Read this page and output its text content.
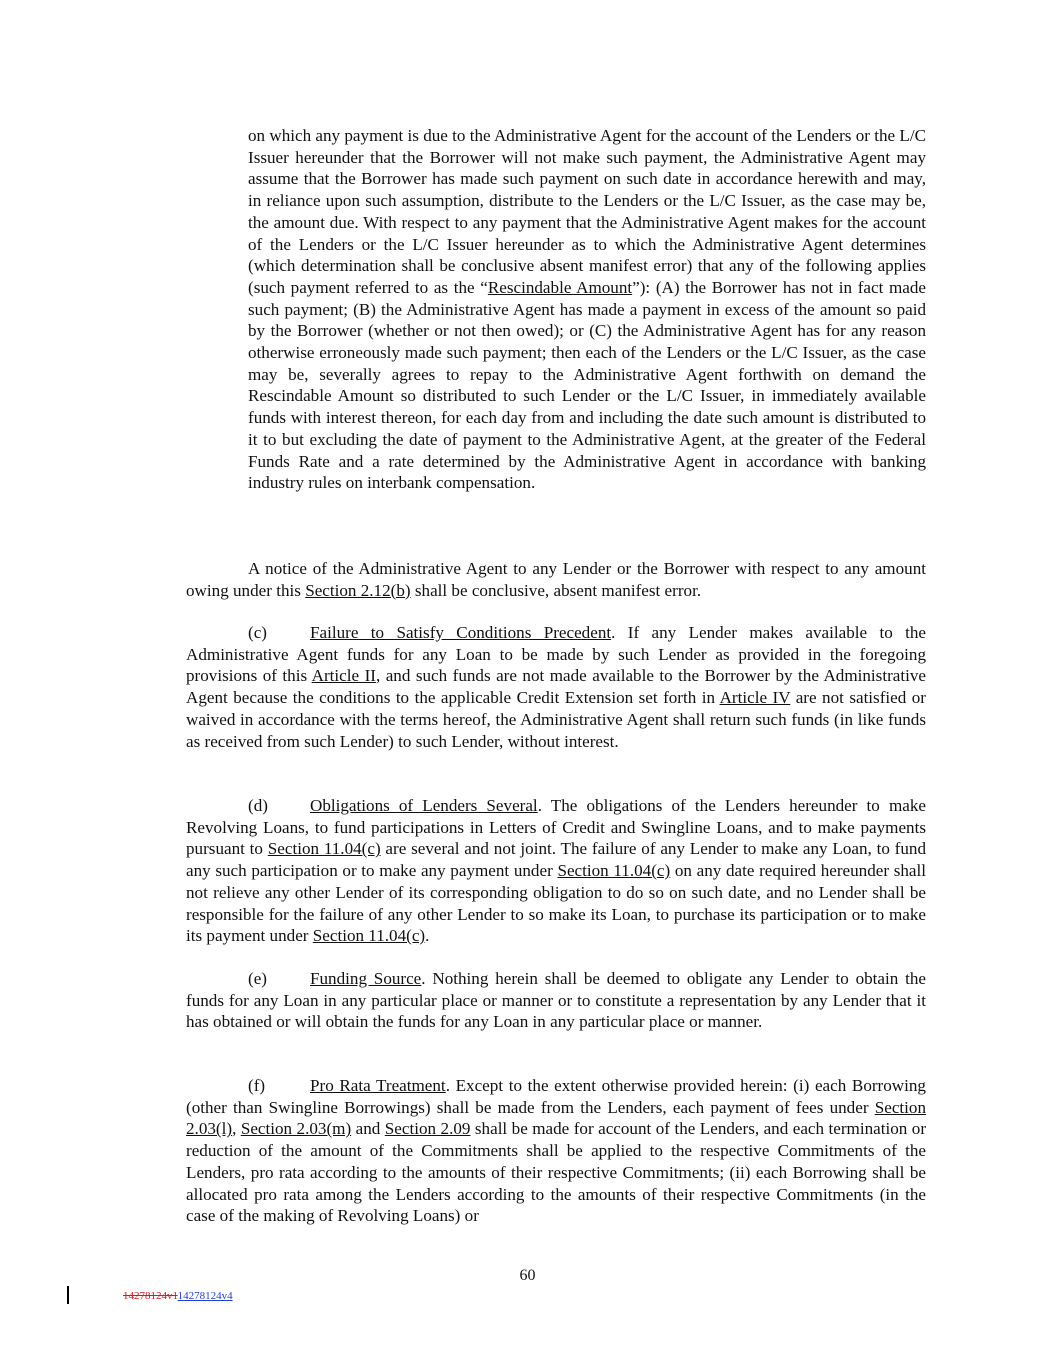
on which any payment is due to the Administrative Agent for the account of the Lenders or the L/C Issuer hereunder that the Borrower will not make such payment, the Administrative Agent may assume that the Borrower has made such payment on such date in accordance herewith and may, in reliance upon such assumption, distribute to the Lenders or the L/C Issuer, as the case may be, the amount due. With respect to any payment that the Administrative Agent makes for the account of the Lenders or the L/C Issuer hereunder as to which the Administrative Agent determines (which determination shall be conclusive absent manifest error) that any of the following applies (such payment referred to as the “Rescindable Amount”): (A) the Borrower has not in fact made such payment; (B) the Administrative Agent has made a payment in excess of the amount so paid by the Borrower (whether or not then owed); or (C) the Administrative Agent has for any reason otherwise erroneously made such payment; then each of the Lenders or the L/C Issuer, as the case may be, severally agrees to repay to the Administrative Agent forthwith on demand the Rescindable Amount so distributed to such Lender or the L/C Issuer, in immediately available funds with interest thereon, for each day from and including the date such amount is distributed to it to but excluding the date of payment to the Administrative Agent, at the greater of the Federal Funds Rate and a rate determined by the Administrative Agent in accordance with banking industry rules on interbank compensation.

A notice of the Administrative Agent to any Lender or the Borrower with respect to any amount owing under this Section 2.12(b) shall be conclusive, absent manifest error.

(c)	Failure to Satisfy Conditions Precedent. If any Lender makes available to the Administrative Agent funds for any Loan to be made by such Lender as provided in the foregoing provisions of this Article II, and such funds are not made available to the Borrower by the Administrative Agent because the conditions to the applicable Credit Extension set forth in Article IV are not satisfied or waived in accordance with the terms hereof, the Administrative Agent shall return such funds (in like funds as received from such Lender) to such Lender, without interest.

(d) Obligations of Lenders Several. The obligations of the Lenders hereunder to make Revolving Loans, to fund participations in Letters of Credit and Swingline Loans, and to make payments pursuant to Section 11.04(c) are several and not joint. The failure of any Lender to make any Loan, to fund any such participation or to make any payment under Section 11.04(c) on any date required hereunder shall not relieve any other Lender of its corresponding obligation to do so on such date, and no Lender shall be responsible for the failure of any other Lender to so make its Loan, to purchase its participation or to make its payment under Section 11.04(c).

(e)	Funding Source. Nothing herein shall be deemed to obligate any Lender to obtain the funds for any Loan in any particular place or manner or to constitute a representation by any Lender that it has obtained or will obtain the funds for any Loan in any particular place or manner.

(f)	Pro Rata Treatment. Except to the extent otherwise provided herein: (i) each Borrowing (other than Swingline Borrowings) shall be made from the Lenders, each payment of fees under Section 2.03(l), Section 2.03(m) and Section 2.09 shall be made for account of the Lenders, and each termination or reduction of the amount of the Commitments shall be applied to the respective Commitments of the Lenders, pro rata according to the amounts of their respective Commitments; (ii) each Borrowing shall be allocated pro rata among the Lenders according to the amounts of their respective Commitments (in the case of the making of Revolving Loans) or

60
14278124v114278124v4
